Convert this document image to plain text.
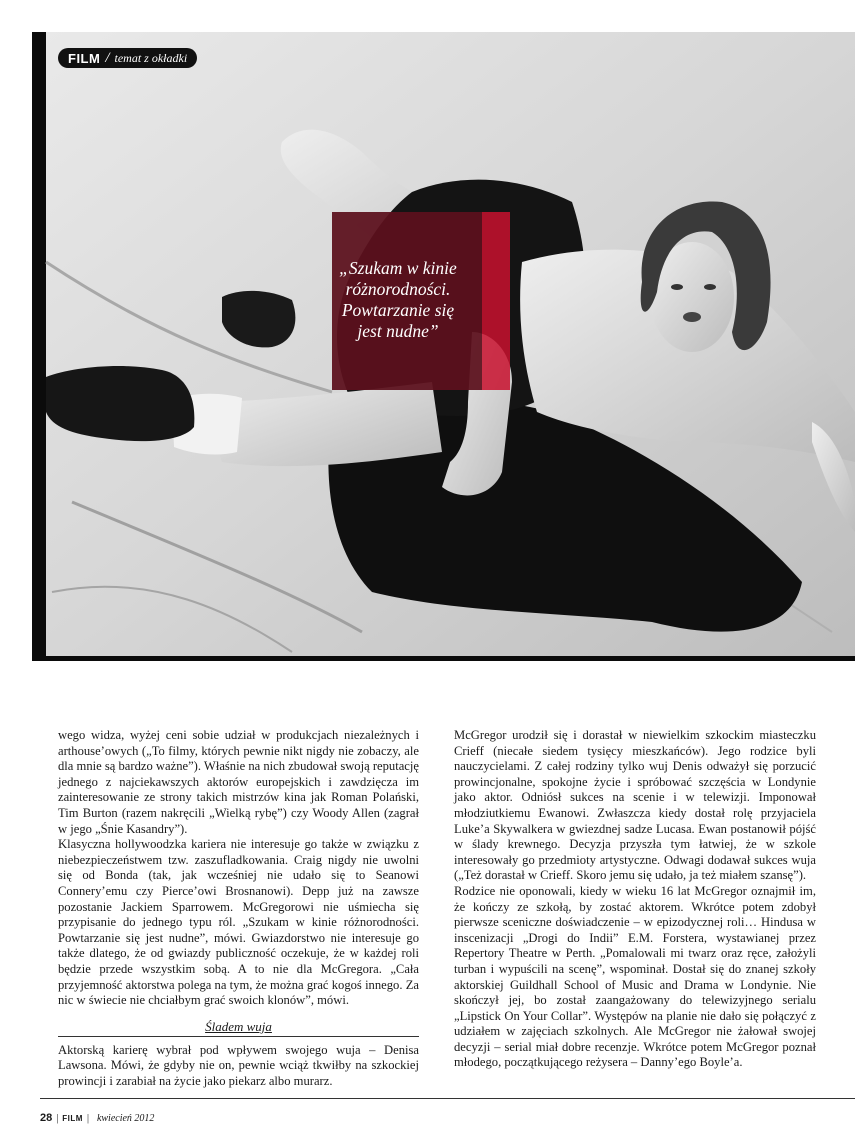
FILM / temat z okładki
„Szukam w kinie różnorodności. Powtarzanie się jest nudne”

wego widza, wyżej ceni sobie udział w produkcjach niezależnych i arthouse’owych („To filmy, których pewnie nikt nigdy nie zobaczy, ale dla mnie są bardzo ważne”). Właśnie na nich zbudował swoją reputację jednego z najciekawszych aktorów europejskich i zawdzięcza im zainteresowanie ze strony takich mistrzów kina jak Roman Polański, Tim Burton (razem nakręcili „Wielką rybę”) czy Woody Allen (zagrał w jego „Śnie Kasandry”).

Klasyczna hollywoodzka kariera nie interesuje go także w związku z niebezpieczeństwem tzw. zaszufladkowania. Craig nigdy nie uwolni się od Bonda (tak, jak wcześniej nie udało się to Seanowi Connery’emu czy Pierce’owi Brosnanowi). Depp już na zawsze pozostanie Jackiem Sparrowem. McGregorowi nie uśmiecha się przypisanie do jednego typu ról. „Szukam w kinie różnorodności. Powtarzanie się jest nudne”, mówi. Gwiazdorstwo nie interesuje go także dlatego, że od gwiazdy publiczność oczekuje, że w każdej roli będzie przede wszystkim sobą. A to nie dla McGregora. „Cała przyjemność aktorstwa polega na tym, że można grać kogoś innego. Za nic w świecie nie chciałbym grać swoich klonów”, mówi.

Śladem wuja

Aktorską karierę wybrał pod wpływem swojego wuja – Denisa Lawsona. Mówi, że gdyby nie on, pewnie wciąż tkwiłby na szkockiej prowincji i zarabiał na życie jako piekarz albo murarz.

McGregor urodził się i dorastał w niewielkim szkockim miasteczku Crieff (niecałe siedem tysięcy mieszkańców). Jego rodzice byli nauczycielami. Z całej rodziny tylko wuj Denis odważył się porzucić prowincjonalne, spokojne życie i spróbować szczęścia w Londynie jako aktor. Odniósł sukces na scenie i w telewizji. Imponował młodziutkiemu Ewanowi. Zwłaszcza kiedy dostał rolę przyjaciela Luke’a Skywalkera w gwiezdnej sadze Lucasa. Ewan postanowił pójść w ślady krewnego. Decyzja przyszła tym łatwiej, że w szkole interesowały go przedmioty artystyczne. Odwagi dodawał sukces wuja („Też dorastał w Crieff. Skoro jemu się udało, ja też miałem szansę”).

Rodzice nie oponowali, kiedy w wieku 16 lat McGregor oznajmił im, że kończy ze szkołą, by zostać aktorem. Wkrótce potem zdobył pierwsze sceniczne doświadczenie – w epizodycznej roli… Hindusa w inscenizacji „Drogi do Indii” E.M. Forstera, wystawianej przez Repertory Theatre w Perth. „Pomalowali mi twarz oraz ręce, założyli turban i wypuścili na scenę”, wspominał. Dostał się do znanej szkoły aktorskiej Guildhall School of Music and Drama w Londynie. Nie skończył jej, bo został zaangażowany do telewizyjnego serialu „Lipstick On Your Collar”. Występów na planie nie dało się połączyć z udziałem w zajęciach szkolnych. Ale McGregor nie żałował swojej decyzji – serial miał dobre recenzje. Wkrótce potem McGregor poznał młodego, początkującego reżysera – Danny’ego Boyle’a.

28 | FILM | kwiecień 2012
